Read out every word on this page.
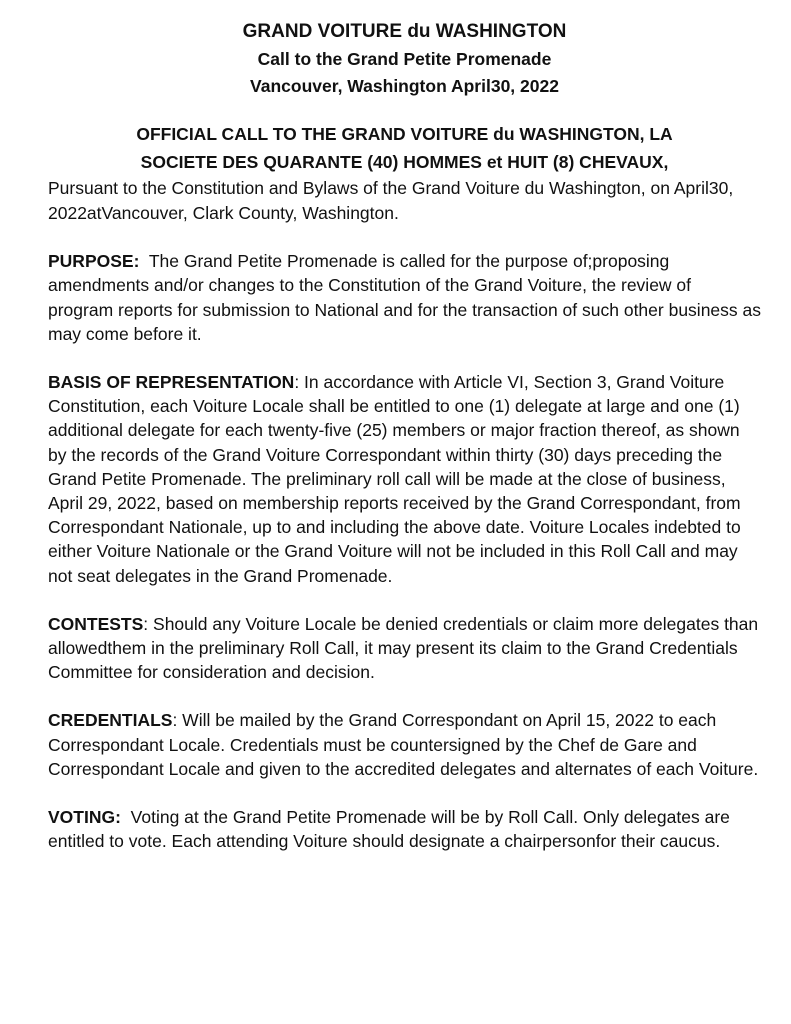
GRAND VOITURE du WASHINGTON
Call to the Grand Petite Promenade
Vancouver, Washington April30, 2022
OFFICIAL CALL TO THE GRAND VOITURE du WASHINGTON, LA
SOCIETE DES QUARANTE (40) HOMMES et HUIT (8) CHEVAUX,

Pursuant to the Constitution and Bylaws of the Grand Voiture du Washington, on April30, 2022atVancouver, Clark County, Washington.

PURPOSE: The Grand Petite Promenade is called for the purpose of;proposing amendments and/or changes to the Constitution of the Grand Voiture, the review of program reports for submission to National and for the transaction of such other business as may come before it.

BASIS OF REPRESENTATION: In accordance with Article VI, Section 3, Grand Voiture Constitution, each Voiture Locale shall be entitled to one (1) delegate at large and one (1) additional delegate for each twenty-five (25) members or major fraction thereof, as shown by the records of the Grand Voiture Correspondant within thirty (30) days preceding the Grand Petite Promenade. The preliminary roll call will be made at the close of business, April 29, 2022, based on membership reports received by the Grand Correspondant, from Correspondant Nationale, up to and including the above date. Voiture Locales indebted to either Voiture Nationale or the Grand Voiture will not be included in this Roll Call and may not seat delegates in the Grand Promenade.

CONTESTS: Should any Voiture Locale be denied credentials or claim more delegates than allowedthem in the preliminary Roll Call, it may present its claim to the Grand Credentials Committee for consideration and decision.

CREDENTIALS: Will be mailed by the Grand Correspondant on April 15, 2022 to each Correspondant Locale. Credentials must be countersigned by the Chef de Gare and Correspondant Locale and given to the accredited delegates and alternates of each Voiture.

VOTING: Voting at the Grand Petite Promenade will be by Roll Call. Only delegates are entitled to vote. Each attending Voiture should designate a chairpersonfor their caucus.
